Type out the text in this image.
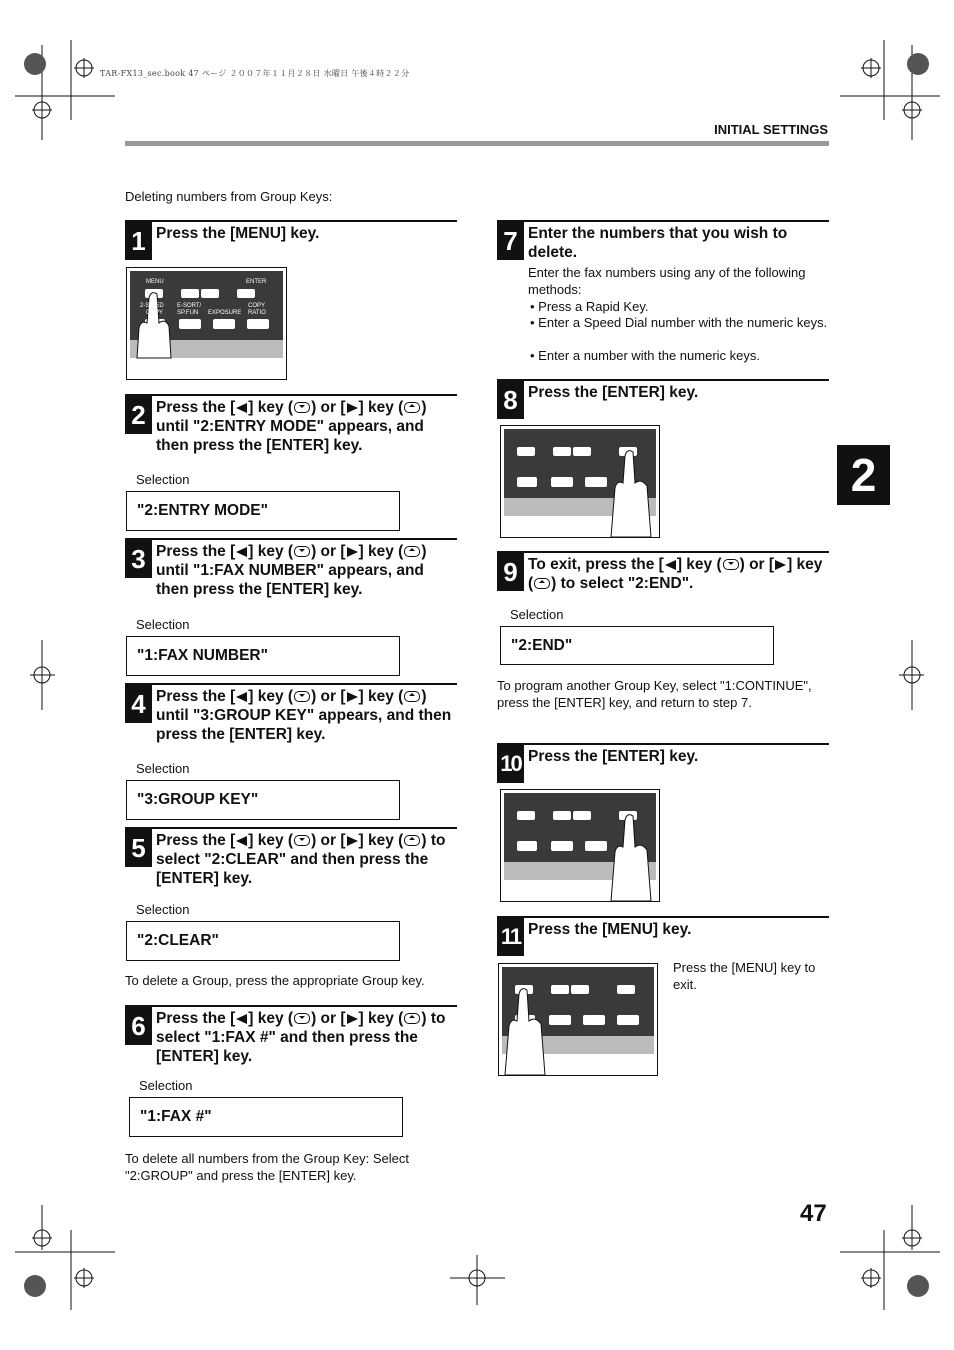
TAR-FX13_sec.book 47 ページ ２００７年１１月２８日 水曜日 午後４時２２分
INITIAL SETTINGS
Deleting numbers from Group Keys:
1 Press the [MENU] key.
2 Press the [ ] key ( ) or [ ] key ( ) until "2:ENTRY MODE" appears, and then press the [ENTER] key.
Selection
"2:ENTRY MODE"
3 Press the [ ] key ( ) or [ ] key ( ) until "1:FAX NUMBER" appears, and then press the [ENTER] key.
Selection
"1:FAX NUMBER"
4 Press the [ ] key ( ) or [ ] key ( ) until "3:GROUP KEY" appears, and then press the [ENTER] key.
Selection
"3:GROUP KEY"
5 Press the [ ] key ( ) or [ ] key ( ) to select "2:CLEAR" and then press the [ENTER] key.
Selection
"2:CLEAR"
To delete a Group, press the appropriate Group key.
6 Press the [ ] key ( ) or [ ] key ( ) to select "1:FAX #" and then press the [ENTER] key.
Selection
"1:FAX #"
To delete all numbers from the Group Key: Select "2:GROUP" and press the [ENTER] key.
7 Enter the numbers that you wish to delete.
Enter the fax numbers using any of the following methods:
• Press a Rapid Key.
• Enter a Speed Dial number with the numeric keys.
• Enter a number with the numeric keys.
8 Press the [ENTER] key.
9 To exit, press the [ ] key ( ) or [ ] key ( ) to select "2:END".
Selection
"2:END"
To program another Group Key, select "1:CONTINUE", press the [ENTER] key, and return to step 7.
10 Press the [ENTER] key.
11 Press the [MENU] key.
Press the [MENU] key to exit.
MENU	ENTER
2-SIDED
COPY
E-SORT/
SP.FUN EXPOSURE
COPY
RATIO
2
47
